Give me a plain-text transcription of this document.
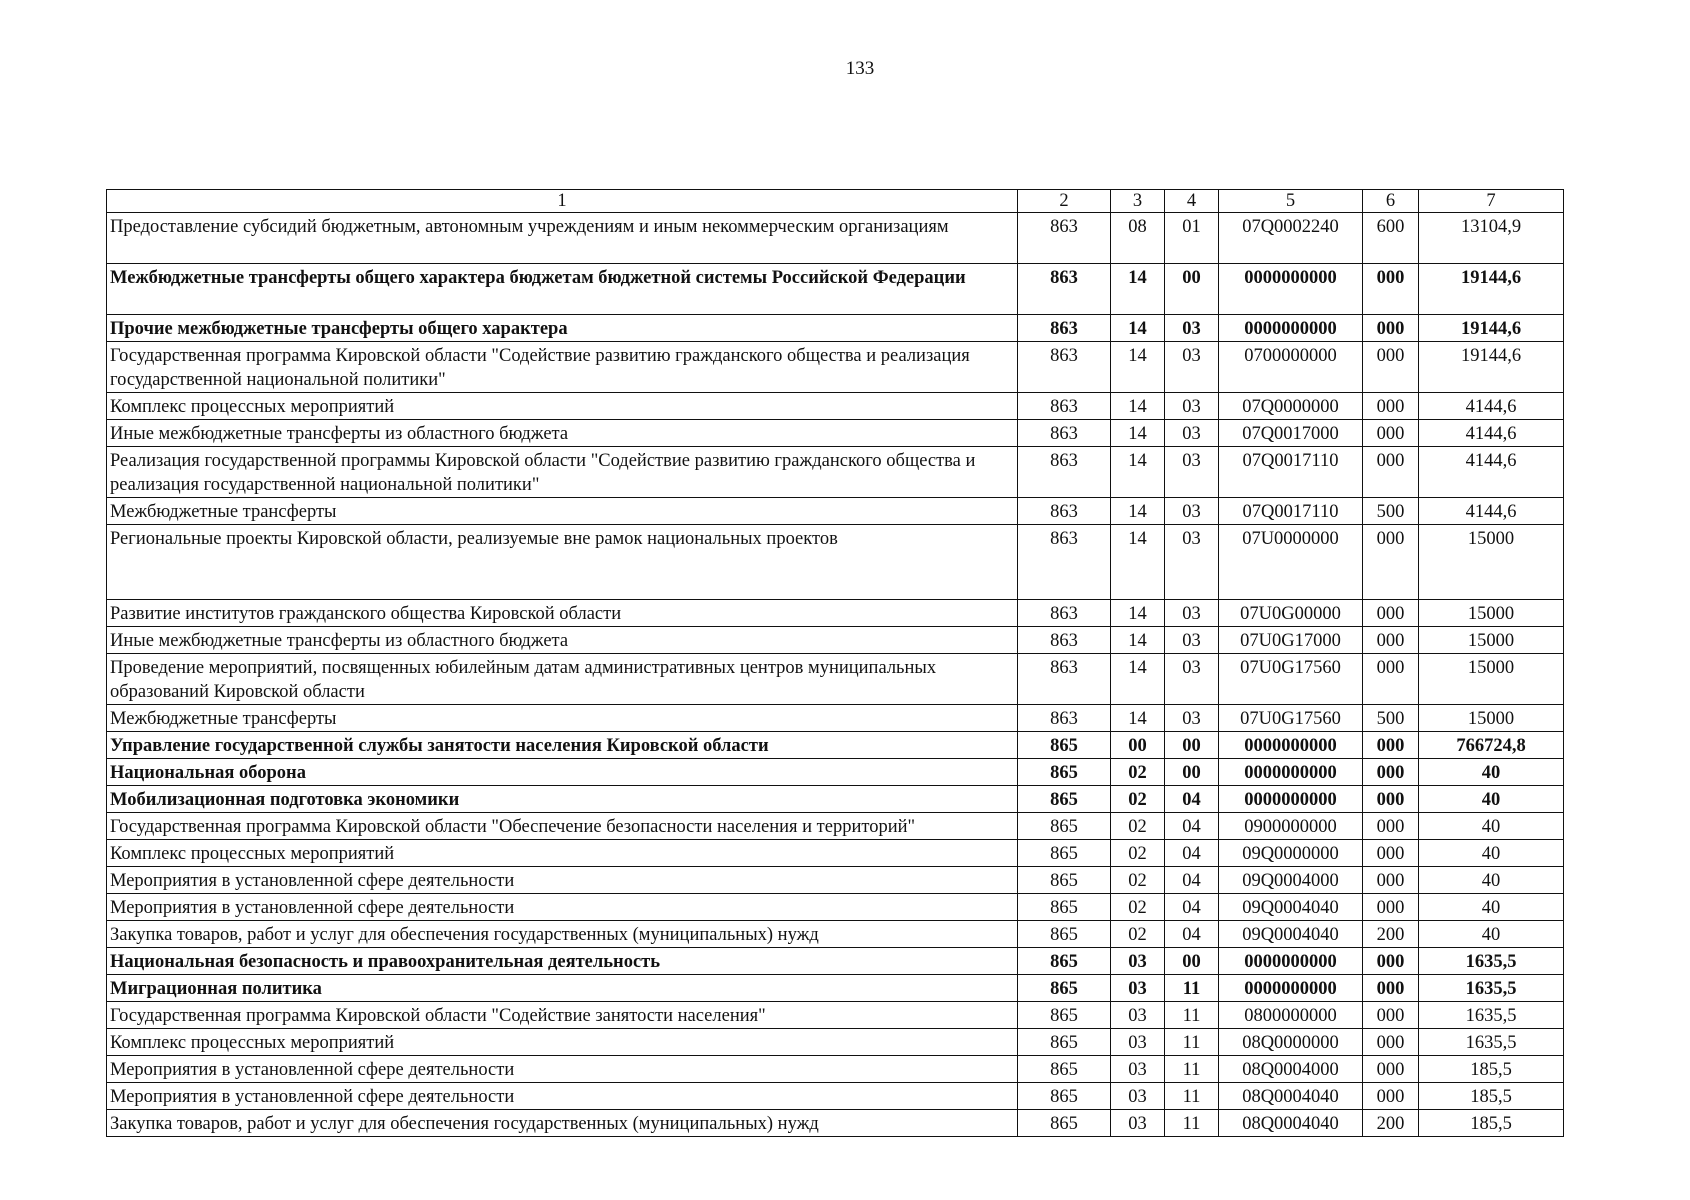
133
1	2	3	4	5	6	7
Предоставление субсидий бюджетным, автономным учреждениям и иным некоммерческим организациям	863	08	01	07Q0002240	600	13104,9
Межбюджетные трансферты общего характера бюджетам бюджетной системы Российской Федерации	863	14	00	0000000000	000	19144,6
Прочие межбюджетные трансферты общего характера	863	14	03	0000000000	000	19144,6
Государственная программа Кировской области "Содействие развитию гражданского общества и реализация государственной национальной политики"	863	14	03	0700000000	000	19144,6
Комплекс процессных мероприятий	863	14	03	07Q0000000	000	4144,6
Иные межбюджетные трансферты из областного бюджета	863	14	03	07Q0017000	000	4144,6
Реализация государственной программы Кировской области "Содействие развитию гражданского общества и реализация государственной национальной политики"	863	14	03	07Q0017110	000	4144,6
Межбюджетные трансферты	863	14	03	07Q0017110	500	4144,6
Региональные проекты Кировской области, реализуемые вне рамок национальных проектов	863	14	03	07U0000000	000	15000
Развитие институтов гражданского общества Кировской области	863	14	03	07U0G00000	000	15000
Иные межбюджетные трансферты из областного бюджета	863	14	03	07U0G17000	000	15000
Проведение мероприятий, посвященных юбилейным датам административных центров муниципальных образований Кировской области	863	14	03	07U0G17560	000	15000
Межбюджетные трансферты	863	14	03	07U0G17560	500	15000
Управление государственной службы занятости населения Кировской области	865	00	00	0000000000	000	766724,8
Национальная оборона	865	02	00	0000000000	000	40
Мобилизационная подготовка экономики	865	02	04	0000000000	000	40
Государственная программа Кировской области "Обеспечение безопасности населения и территорий"	865	02	04	0900000000	000	40
Комплекс процессных мероприятий	865	02	04	09Q0000000	000	40
Мероприятия в установленной сфере деятельности	865	02	04	09Q0004000	000	40
Мероприятия в установленной сфере деятельности	865	02	04	09Q0004040	000	40
Закупка товаров, работ и услуг для обеспечения государственных (муниципальных) нужд	865	02	04	09Q0004040	200	40
Национальная безопасность и правоохранительная деятельность	865	03	00	0000000000	000	1635,5
Миграционная политика	865	03	11	0000000000	000	1635,5
Государственная программа Кировской области "Содействие занятости населения"	865	03	11	0800000000	000	1635,5
Комплекс процессных мероприятий	865	03	11	08Q0000000	000	1635,5
Мероприятия в установленной сфере деятельности	865	03	11	08Q0004000	000	185,5
Мероприятия в установленной сфере деятельности	865	03	11	08Q0004040	000	185,5
Закупка товаров, работ и услуг для обеспечения государственных (муниципальных) нужд	865	03	11	08Q0004040	200	185,5
